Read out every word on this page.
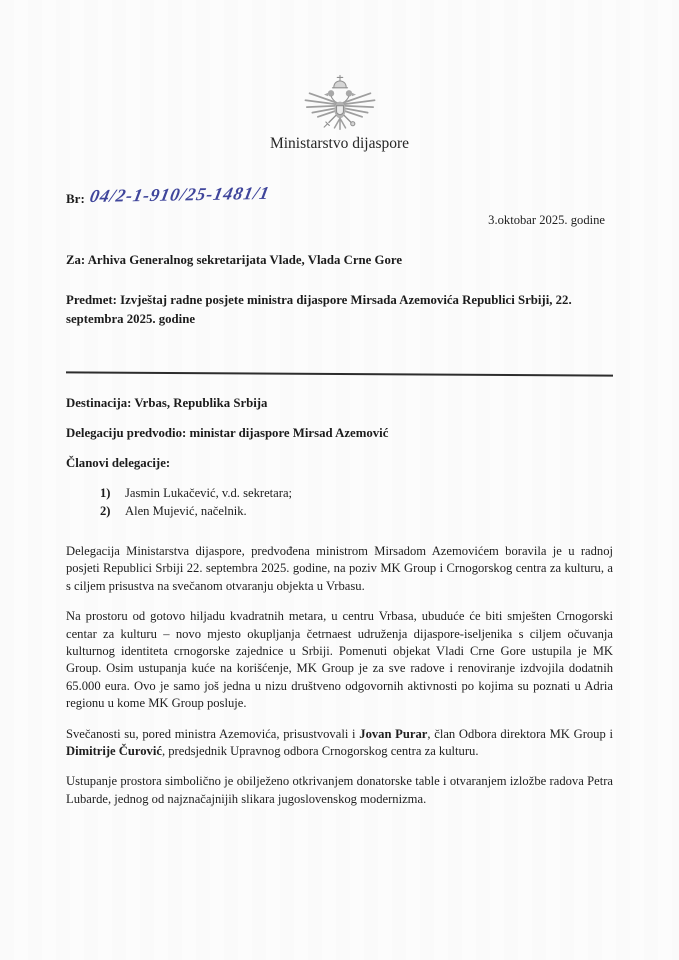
Ministarstvo dijaspore
Br: 04/2-1-910/25-1481/1
3.oktobar 2025. godine
Za: Arhiva Generalnog sekretarijata Vlade, Vlada Crne Gore
Predmet: Izvještaj radne posjete ministra dijaspore Mirsada Azemovića Republici Srbiji, 22. septembra 2025. godine
Destinacija: Vrbas, Republika Srbija
Delegaciju predvodio: ministar dijaspore Mirsad Azemović
Članovi delegacije:
1)	Jasmin Lukačević, v.d. sekretara;
2)	Alen Mujević, načelnik.
Delegacija Ministarstva dijaspore, predvođena ministrom Mirsadom Azemovićem boravila je u radnoj posjeti Republici Srbiji 22. septembra 2025. godine, na poziv MK Group i Crnogorskog centra za kulturu, a s ciljem prisustva na svečanom otvaranju objekta u Vrbasu.
Na prostoru od gotovo hiljadu kvadratnih metara, u centru Vrbasa, ubuduće će biti smješten Crnogorski centar za kulturu – novo mjesto okupljanja četrnaest udruženja dijaspore-iseljenika s ciljem očuvanja kulturnog identiteta crnogorske zajednice u Srbiji. Pomenuti objekat Vladi Crne Gore ustupila je MK Group. Osim ustupanja kuće na korišćenje, MK Group je za sve radove i renoviranje izdvojila dodatnih 65.000 eura. Ovo je samo još jedna u nizu društveno odgovornih aktivnosti po kojima su poznati u Adria regionu u kome MK Group posluje.
Svečanosti su, pored ministra Azemovića, prisustvovali i Jovan Purar, član Odbora direktora MK Group i Dimitrije Čurović, predsjednik Upravnog odbora Crnogorskog centra za kulturu.
Ustupanje prostora simbolično je obilježeno otkrivanjem donatorske table i otvaranjem izložbe radova Petra Lubarde, jednog od najznačajnijih slikara jugoslovenskog modernizma.
